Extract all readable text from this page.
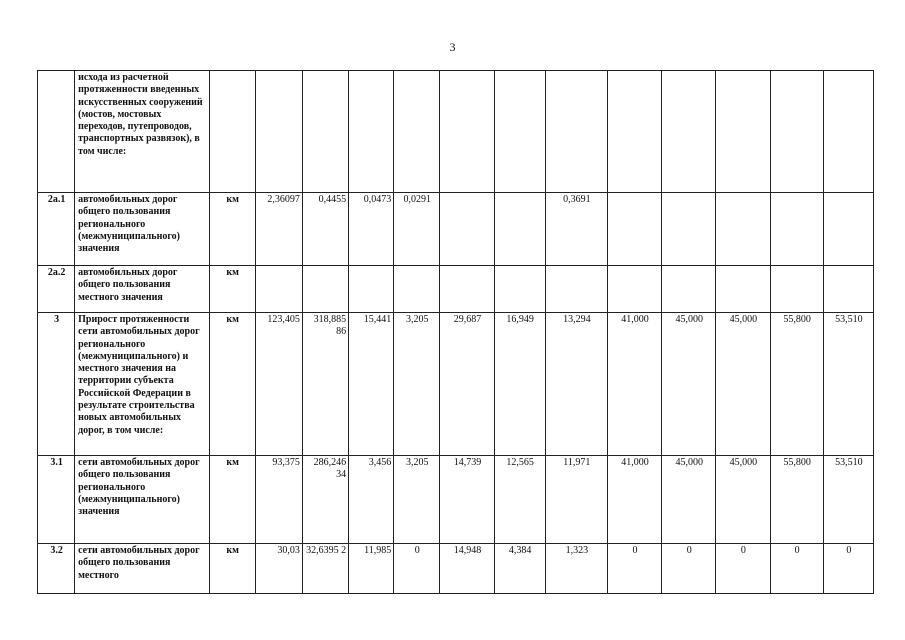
3
	исхода из расчетной протяженности введенных искусственных сооружений (мостов, мостовых переходов, путепроводов, транспортных развязок), в том числе:													
2а.1	автомобильных дорог общего пользования регионального (межмуниципального) значения	км	2,36097	0,4455	0,0473	0,0291			0,3691					
2а.2	автомобильных дорог общего пользования местного значения	км												
3	Прирост протяженности сети автомобильных дорог регионального (межмуниципального) и местного значения на территории субъекта Российской Федерации в результате строительства новых автомобильных дорог, в том числе:	км	123,405	318,885 86	15,441	3,205	29,687	16,949	13,294	41,000	45,000	45,000	55,800	53,510
3.1	сети автомобильных дорог общего пользования регионального (межмуниципального) значения	км	93,375	286,246 34	3,456	3,205	14,739	12,565	11,971	41,000	45,000	45,000	55,800	53,510
3.2	сети автомобильных дорог общего пользования местного	км	30,03	32,6395 2	11,985	0	14,948	4,384	1,323	0	0	0	0	0
